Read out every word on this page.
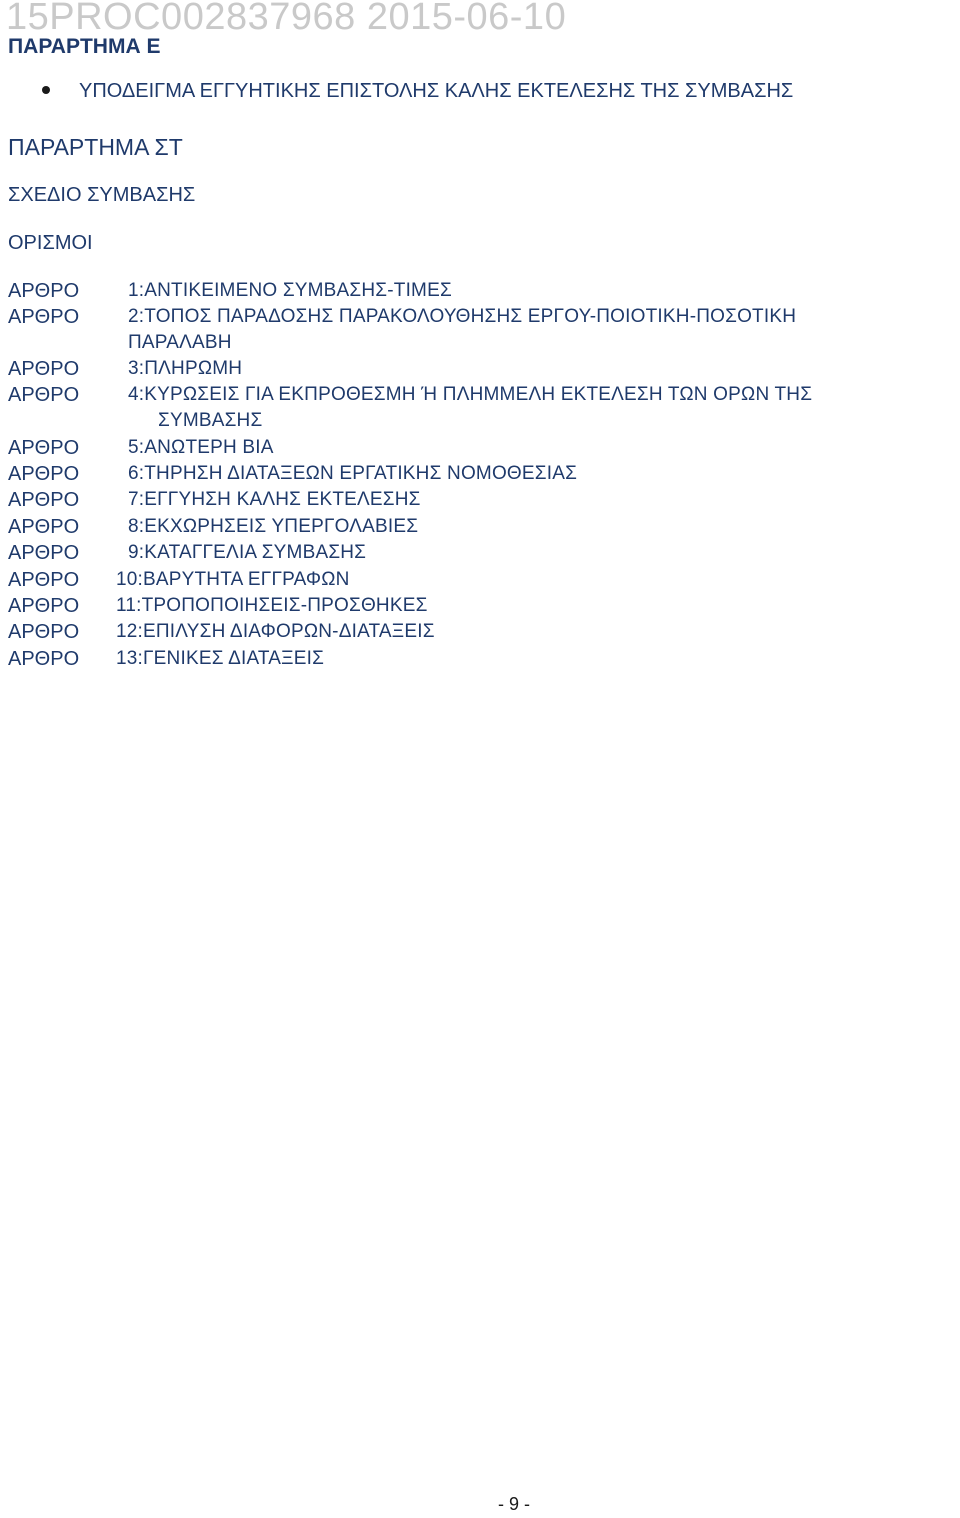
15PROC002837968 2015-06-10
ΠΑΡΑΡΤΗΜΑ Ε
ΥΠΟΔΕΙΓΜΑ ΕΓΓΥΗΤΙΚΗΣ ΕΠΙΣΤΟΛΗΣ ΚΑΛΗΣ ΕΚΤΕΛΕΣΗΣ ΤΗΣ ΣΥΜΒΑΣΗΣ
ΠΑΡΑΡΤΗΜΑ ΣΤ
ΣΧΕΔΙΟ ΣΥΜΒΑΣΗΣ
ΟΡΙΣΜΟΙ
ΑΡΘΡΟ	1:ΑΝΤΙΚΕΙΜΕΝΟ ΣΥΜΒΑΣΗΣ-ΤΙΜΕΣ
ΑΡΘΡΟ	2:ΤΟΠΟΣ ΠΑΡΑΔΟΣΗΣ ΠΑΡΑΚΟΛΟΥΘΗΣΗΣ ΕΡΓΟΥ-ΠΟΙΟΤΙΚΗ-ΠΟΣΟΤΙΚΗ
ΠΑΡΑΛΑΒΗ
ΑΡΘΡΟ	3:ΠΛΗΡΩΜΗ
ΑΡΘΡΟ	4:ΚΥΡΩΣΕΙΣ ΓΙΑ ΕΚΠΡΟΘΕΣΜΗ Ή ΠΛΗΜΜΕΛΗ ΕΚΤΕΛΕΣΗ ΤΩΝ ΟΡΩΝ ΤΗΣ
ΣΥΜΒΑΣΗΣ
ΑΡΘΡΟ	5:ΑΝΩΤΕΡΗ ΒΙΑ
ΑΡΘΡΟ	6:ΤΗΡΗΣΗ ΔΙΑΤΑΞΕΩΝ ΕΡΓΑΤΙΚΗΣ ΝΟΜΟΘΕΣΙΑΣ
ΑΡΘΡΟ	7:ΕΓΓΥΗΣΗ ΚΑΛΗΣ ΕΚΤΕΛΕΣΗΣ
ΑΡΘΡΟ	8:ΕΚΧΩΡΗΣΕΙΣ ΥΠΕΡΓΟΛΑΒΙΕΣ
ΑΡΘΡΟ	9:ΚΑΤΑΓΓΕΛΙΑ ΣΥΜΒΑΣΗΣ
ΑΡΘΡΟ 10:ΒΑΡΥΤΗΤΑ ΕΓΓΡΑΦΩΝ
ΑΡΘΡΟ 11:ΤΡΟΠΟΠΟΙΗΣΕΙΣ-ΠΡΟΣΘΗΚΕΣ
ΑΡΘΡΟ 12:ΕΠΙΛΥΣΗ ΔΙΑΦΟΡΩΝ-ΔΙΑΤΑΞΕΙΣ
ΑΡΘΡΟ 13:ΓΕΝΙΚΕΣ ΔΙΑΤΑΞΕΙΣ
- 9 -
